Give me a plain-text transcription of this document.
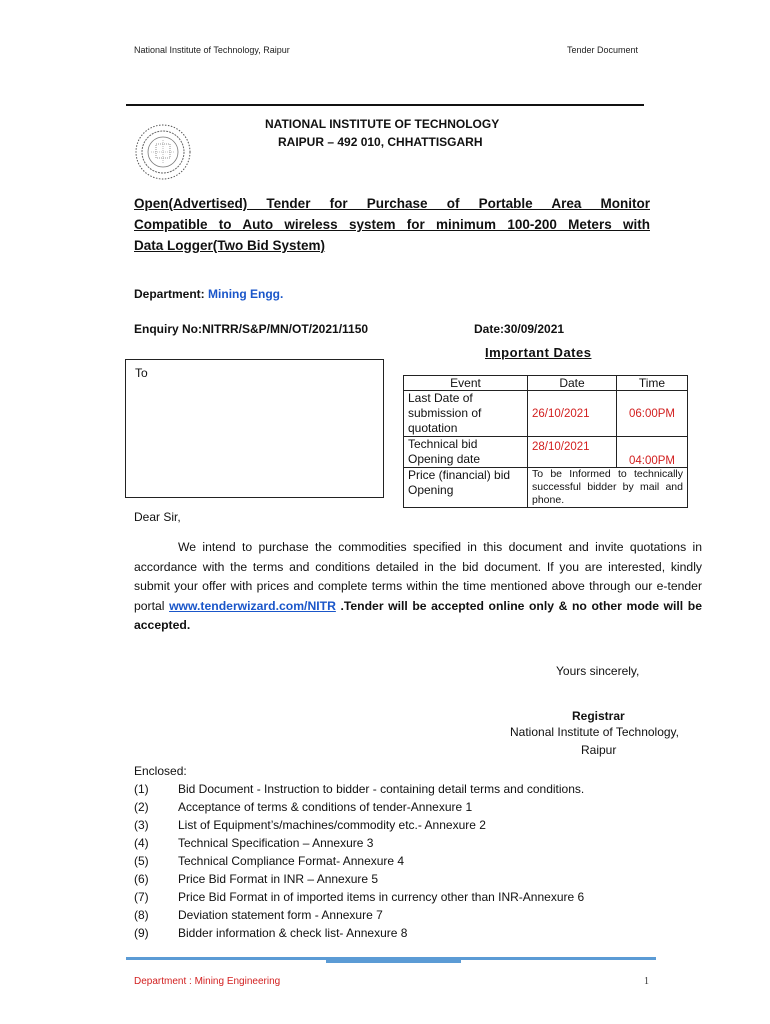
National Institute of Technology, Raipur	Tender Document
NATIONAL INSTITUTE OF TECHNOLOGY
RAIPUR – 492 010, CHHATTISGARH
Open(Advertised) Tender for Purchase of Portable Area Monitor
Compatible to Auto wireless system for minimum 100-200 Meters with
Data Logger(Two Bid System)
Department: Mining Engg.
Enquiry No:NITRR/S&P/MN/OT/2021/1150	Date:30/09/2021
To
Important Dates
Event	Date	Time
Last Date of submission of quotation	26/10/2021	06:00PM
Technical bid Opening date	28/10/2021	04:00PM
Price (financial) bid Opening	To be Informed to technically successful bidder by mail and phone.	
Dear Sir,
We intend to purchase the commodities specified in this document and invite quotations in accordance with the terms and conditions detailed in the bid document. If you are interested, kindly submit your offer with prices and complete terms within the time mentioned above through our e-tender portal www.tenderwizard.com/NITR .Tender will be accepted online only & no other mode will be accepted.
Yours sincerely,
Registrar
National Institute of Technology,
Raipur
Enclosed:
(1) Bid Document - Instruction to bidder - containing detail terms and conditions.
(2) Acceptance of terms & conditions of tender-Annexure 1
(3) List of Equipment’s/machines/commodity etc.- Annexure 2
(4) Technical Specification – Annexure 3
(5) Technical Compliance Format- Annexure 4
(6) Price Bid Format in INR – Annexure 5
(7) Price Bid Format in of imported items in currency other than INR-Annexure 6
(8) Deviation statement form - Annexure 7
(9) Bidder information & check list- Annexure 8
Department : Mining Engineering	1
